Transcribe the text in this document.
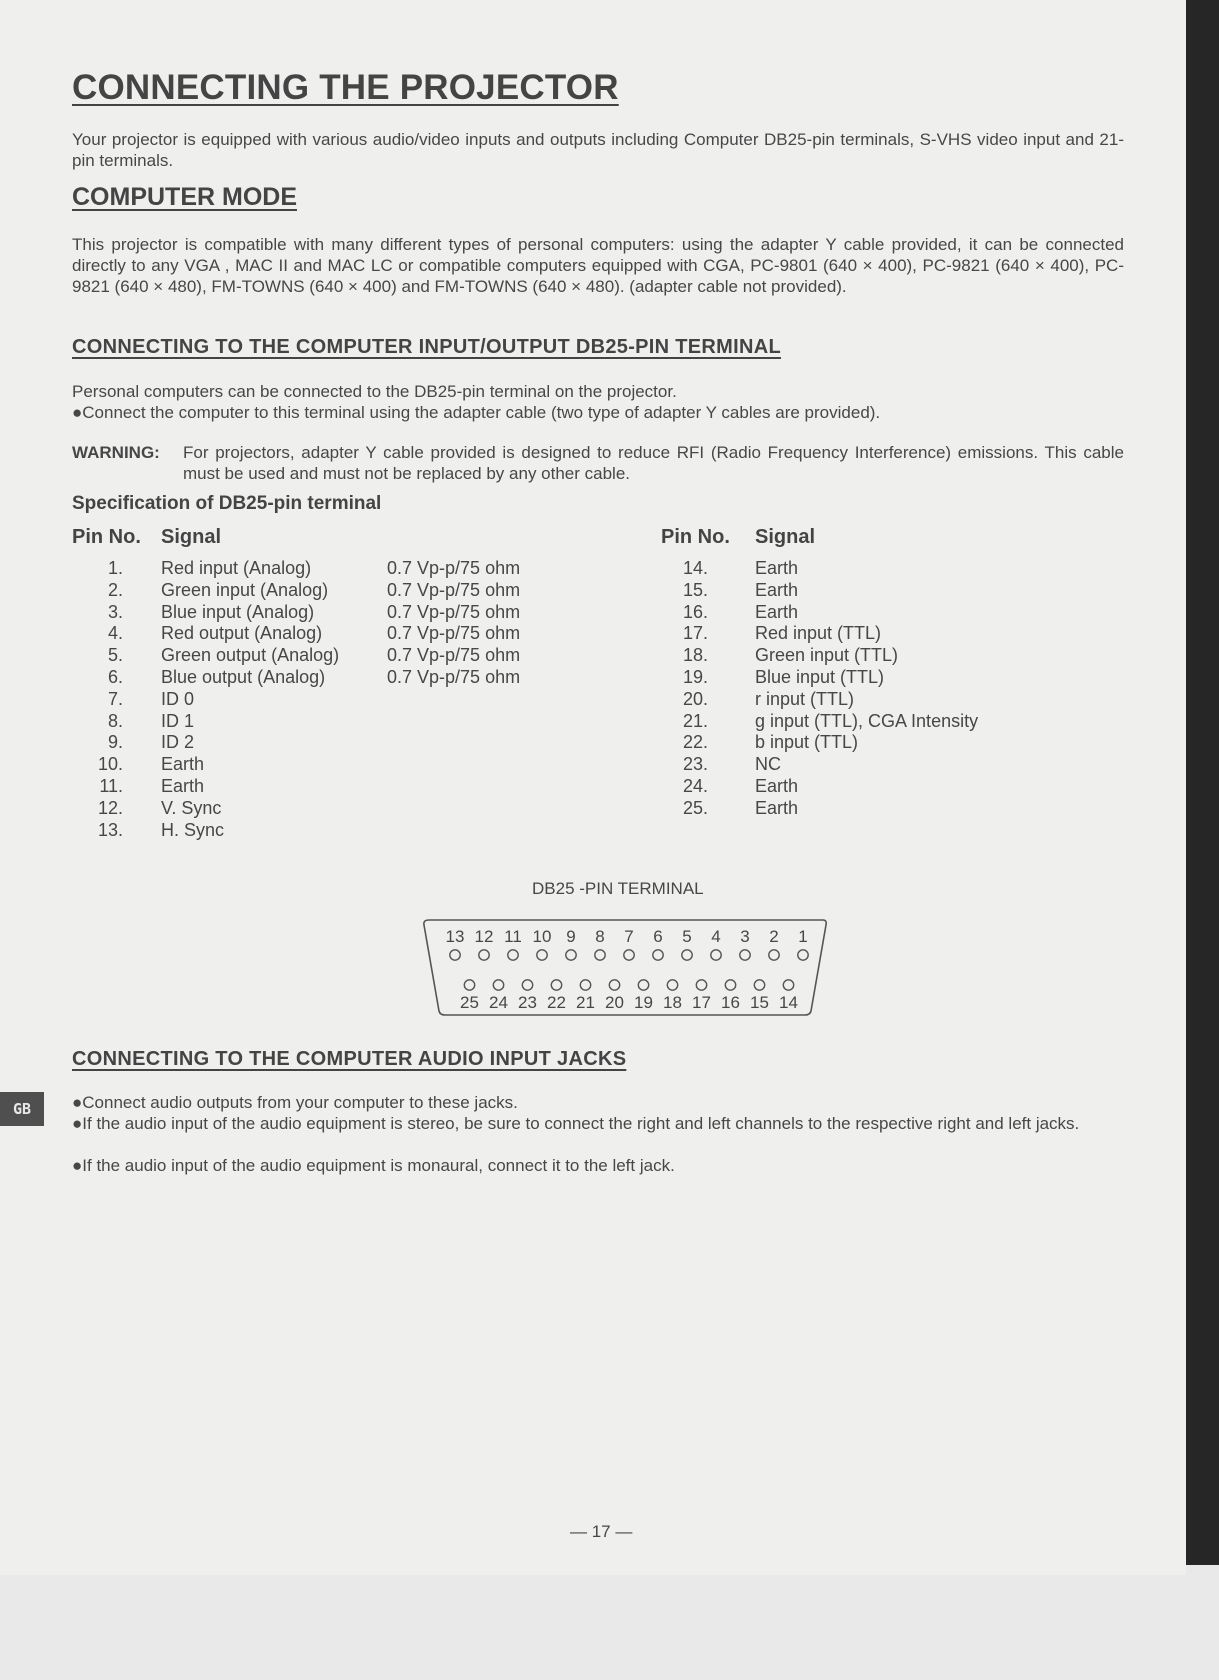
GB
CONNECTING THE PROJECTOR

Your projector is equipped with various audio/video inputs and outputs including Computer DB25-pin terminals, S-VHS video input and 21-pin terminals.

COMPUTER MODE

This projector is compatible with many different types of personal computers: using the adapter Y cable provided, it can be connected directly to any VGA , MAC II and MAC LC or compatible computers equipped with CGA, PC-9801 (640 × 400), PC-9821 (640 × 400), PC-9821 (640 × 480), FM-TOWNS (640 × 400) and FM-TOWNS (640 × 480). (adapter cable not provided).

CONNECTING TO THE COMPUTER INPUT/OUTPUT DB25-PIN TERMINAL

Personal computers can be connected to the DB25-pin terminal on the projector.

●Connect the computer to this terminal using the adapter cable (two type of adapter Y cables are provided).

WARNING: For projectors, adapter Y cable provided is designed to reduce RFI (Radio Frequency Interference) emissions. This cable must be used and must not be replaced by any other cable.
Specification of DB25-pin terminal
Pin No. Signal	Pin No. Signal
1. Red input (Analog)	0.7 Vp-p/75 ohm
2. Green input (Analog)	0.7 Vp-p/75 ohm
3. Blue input (Analog)	0.7 Vp-p/75 ohm
4. Red output (Analog)	0.7 Vp-p/75 ohm
5. Green output (Analog)	0.7 Vp-p/75 ohm
6. Blue output (Analog)	0.7 Vp-p/75 ohm
7. ID 0
8. ID 1
9. ID 2
10. Earth
11. Earth
12. V. Sync
13. H. Sync
14.	Earth
15.	Earth
16.	Earth
17.	Red input (TTL)
18.	Green input (TTL)
19.	Blue input (TTL)
20.	r input (TTL)
21.	g input (TTL), CGA Intensity
22.	b input (TTL)
23.	NC
24.	Earth
25.	Earth
DB25 -PIN TERMINAL
13 12 11 10 9 8 7 6 5 4 3 2 1
25 24 23 22 21 20 19 18 17 16 15 14
CONNECTING TO THE COMPUTER AUDIO INPUT JACKS

●Connect audio outputs from your computer to these jacks.

●If the audio input of the audio equipment is stereo, be sure to connect the right and left channels to the respective right and left jacks.

●If the audio input of the audio equipment is monaural, connect it to the left jack.

— 17 —
